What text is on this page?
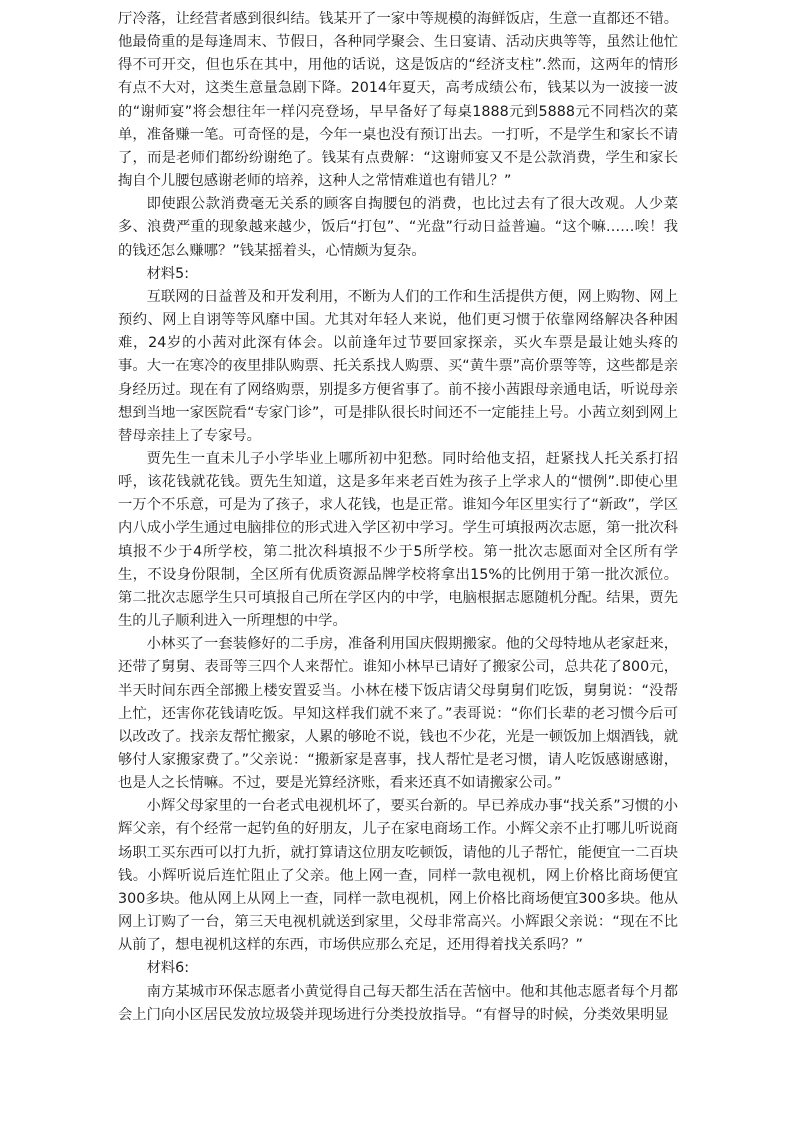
厅冷落，让经营者感到很纠结。钱某开了一家中等规模的海鲜饭店，生意一直都还不错。他最倚重的是每逢周末、节假日，各种同学聚会、生日宴请、活动庆典等等，虽然让他忙得不可开交，但也乐在其中，用他的话说，这是饭店的“经济支柱”.然而，这两年的情形有点不大对，这类生意量急剧下降。2014年夏天，高考成绩公布，钱某以为一波接一波的“谢师宴”将会想往年一样闪亮登场，早早备好了每桌1888元到5888元不同档次的菜单，准备赚一笔。可奇怪的是，今年一桌也没有预订出去。一打听，不是学生和家长不请了，而是老师们都纷纷谢绝了。钱某有点费解：“这谢师宴又不是公款消费，学生和家长掏自个儿腰包感谢老师的培养，这种人之常情难道也有错儿？”

即使跟公款消费毫无关系的顾客自掏腰包的消费，也比过去有了很大改观。人少菜多、浪费严重的现象越来越少，饭后“打包”、“光盘”行动日益普遍。“这个嘛……唉！我的钱还怎么赚哪？”钱某摇着头，心情颇为复杂。

材料5:

互联网的日益普及和开发利用，不断为人们的工作和生活提供方便，网上购物、网上预约、网上自诩等等风靡中国。尤其对年轻人来说，他们更习惯于依靠网络解决各种困难，24岁的小茜对此深有体会。以前逢年过节要回家探亲，买火车票是最让她头疼的事。大一在寒冷的夜里排队购票、托关系找人购票、买“黄牛票”高价票等等，这些都是亲身经历过。现在有了网络购票，别提多方便省事了。前不接小茜跟母亲通电话，听说母亲想到当地一家医院看“专家门诊”，可是排队很长时间还不一定能挂上号。小茜立刻到网上替母亲挂上了专家号。

贾先生一直未儿子小学毕业上哪所初中犯愁。同时给他支招，赶紧找人托关系打招呼，该花钱就花钱。贾先生知道，这是多年来老百姓为孩子上学求人的“惯例”.即使心里一万个不乐意，可是为了孩子，求人花钱，也是正常。谁知今年区里实行了“新政”，学区内八成小学生通过电脑排位的形式进入学区初中学习。学生可填报两次志愿，第一批次科填报不少于4所学校，第二批次科填报不少于5所学校。第一批次志愿面对全区所有学生，不设身份限制，全区所有优质资源品牌学校将拿出15%的比例用于第一批次派位。第二批次志愿学生只可填报自己所在学区内的中学，电脑根据志愿随机分配。结果，贾先生的儿子顺利进入一所理想的中学。

小林买了一套装修好的二手房，准备利用国庆假期搬家。他的父母特地从老家赶来，还带了舅舅、表哥等三四个人来帮忙。谁知小林早已请好了搬家公司，总共花了800元，半天时间东西全部搬上楼安置妥当。小林在楼下饭店请父母舅舅们吃饭，舅舅说：“没帮上忙，还害你花钱请吃饭。早知这样我们就不来了。”表哥说：“你们长辈的老习惯今后可以改改了。找亲友帮忙搬家，人累的够呛不说，钱也不少花，光是一顿饭加上烟酒钱，就够付人家搬家费了。”父亲说：“搬新家是喜事，找人帮忙是老习惯，请人吃饭感谢感谢，也是人之长情嘛。不过，要是光算经济账，看来还真不如请搬家公司。”

小辉父母家里的一台老式电视机坏了，要买台新的。早已养成办事“找关系”习惯的小辉父亲，有个经常一起钓鱼的好朋友，儿子在家电商场工作。小辉父亲不止打哪儿听说商场职工买东西可以打九折，就打算请这位朋友吃顿饭，请他的儿子帮忙，能便宜一二百块钱。小辉听说后连忙阻止了父亲。他上网一查，同样一款电视机，网上价格比商场便宜300多块。他从网上从网上一查，同样一款电视机，网上价格比商场便宜300多块。他从网上订购了一台，第三天电视机就送到家里，父母非常高兴。小辉跟父亲说：“现在不比从前了，想电视机这样的东西，市场供应那么充足，还用得着找关系吗？”

材料6:

南方某城市环保志愿者小黄觉得自己每天都生活在苦恼中。他和其他志愿者每个月都会上门向小区居民发放垃圾袋并现场进行分类投放指导。“有督导的时候，分类效果明显
